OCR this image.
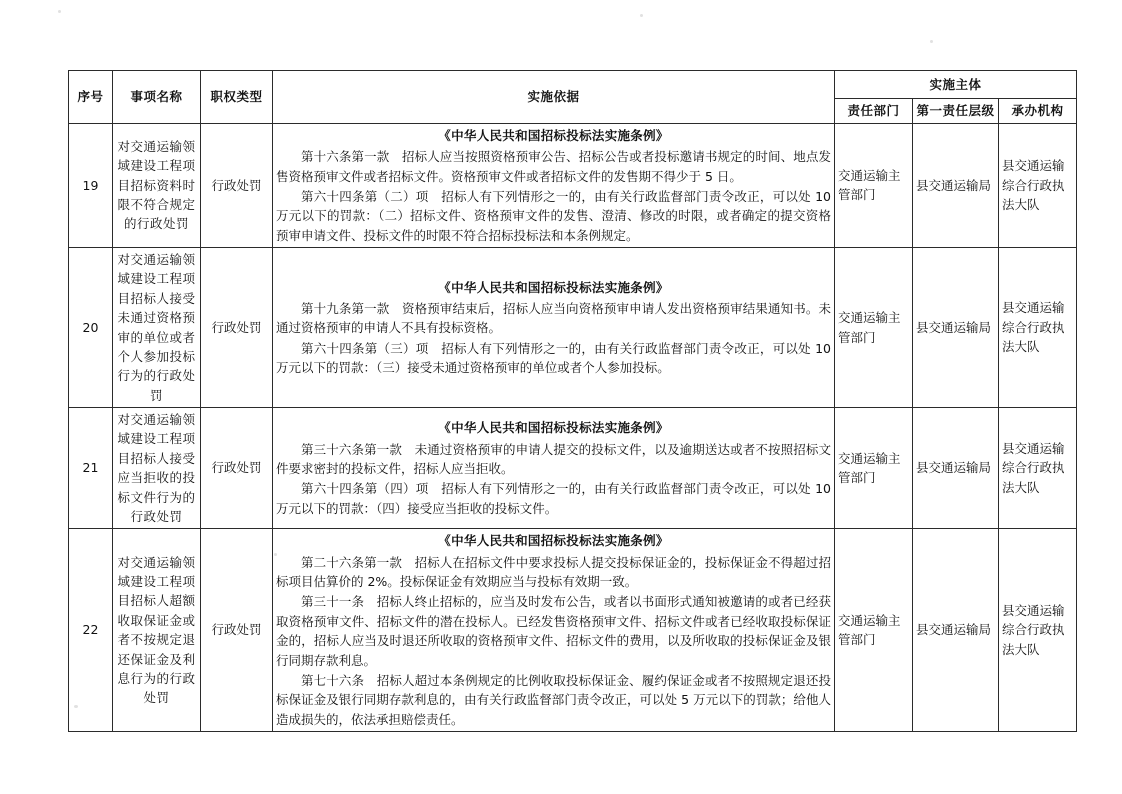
序号	事项名称	职权类型	实施依据	实施主体		
				责任部门	第一责任层级	承办机构
19	对交通运输领域建设工程项目招标资料时限不符合规定的行政处罚	行政处罚	《中华人民共和国招标投标法实施条例》

第十六条第一款　招标人应当按照资格预审公告、招标公告或者投标邀请书规定的时间、地点发售资格预审文件或者招标文件。资格预审文件或者招标文件的发售期不得少于 5 日。

第六十四条第（二）项　招标人有下列情形之一的，由有关行政监督部门责令改正，可以处 10 万元以下的罚款：（二）招标文件、资格预审文件的发售、澄清、修改的时限，或者确定的提交资格预审申请文件、投标文件的时限不符合招标投标法和本条例规定。	交通运输主管部门	县交通运输局	县交通运输综合行政执法大队
20	对交通运输领域建设工程项目招标人接受未通过资格预审的单位或者个人参加投标行为的行政处罚	行政处罚	《中华人民共和国招标投标法实施条例》

第十九条第一款　资格预审结束后，招标人应当向资格预审申请人发出资格预审结果通知书。未通过资格预审的申请人不具有投标资格。

第六十四条第（三）项　招标人有下列情形之一的，由有关行政监督部门责令改正，可以处 10 万元以下的罚款：（三）接受未通过资格预审的单位或者个人参加投标。	交通运输主管部门	县交通运输局	县交通运输综合行政执法大队
21	对交通运输领域建设工程项目招标人接受应当拒收的投标文件行为的行政处罚	行政处罚	《中华人民共和国招标投标法实施条例》

第三十六条第一款　未通过资格预审的申请人提交的投标文件，以及逾期送达或者不按照招标文件要求密封的投标文件，招标人应当拒收。

第六十四条第（四）项　招标人有下列情形之一的，由有关行政监督部门责令改正，可以处 10 万元以下的罚款：（四）接受应当拒收的投标文件。	交通运输主管部门	县交通运输局	县交通运输综合行政执法大队
22	对交通运输领域建设工程项目招标人超额收取保证金或者不按规定退还保证金及利息行为的行政处罚	行政处罚	《中华人民共和国招标投标法实施条例》

第二十六条第一款　招标人在招标文件中要求投标人提交投标保证金的，投标保证金不得超过招标项目估算价的 2%。投标保证金有效期应当与投标有效期一致。

第三十一条　招标人终止招标的，应当及时发布公告，或者以书面形式通知被邀请的或者已经获取资格预审文件、招标文件的潜在投标人。已经发售资格预审文件、招标文件或者已经收取投标保证金的，招标人应当及时退还所收取的资格预审文件、招标文件的费用，以及所收取的投标保证金及银行同期存款利息。

第七十六条　招标人超过本条例规定的比例收取投标保证金、履约保证金或者不按照规定退还投标保证金及银行同期存款利息的，由有关行政监督部门责令改正，可以处 5 万元以下的罚款；给他人造成损失的，依法承担赔偿责任。	交通运输主管部门	县交通运输局	县交通运输综合行政执法大队
